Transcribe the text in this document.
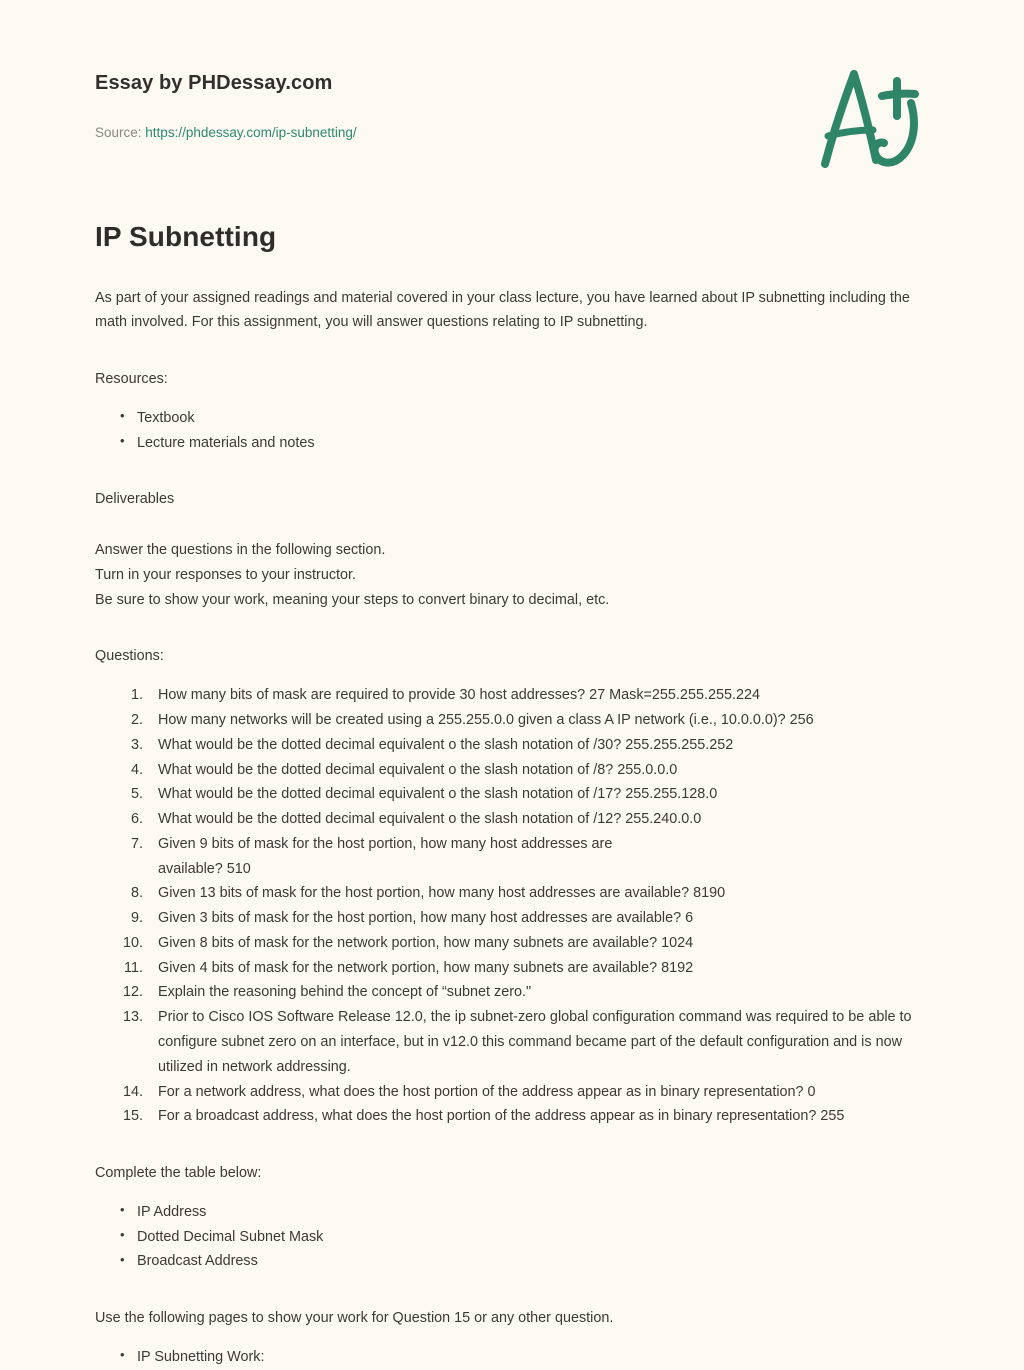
Essay by PHDessay.com
Source: https://phdessay.com/ip-subnetting/
IP Subnetting

As part of your assigned readings and material covered in your class lecture, you have learned about IP subnetting including the math involved. For this assignment, you will answer questions relating to IP subnetting.

Resources:

• Textbook
• Lecture materials and notes

Deliverables

Answer the questions in the following section.
Turn in your responses to your instructor.
Be sure to show your work, meaning your steps to convert binary to decimal, etc.

Questions:

How many bits of mask are required to provide 30 host addresses? 27 Mask=255.255.255.224
How many networks will be created using a 255.255.0.0 given a class A IP network (i.e., 10.0.0.0)? 256
What would be the dotted decimal equivalent o the slash notation of /30? 255.255.255.252
What would be the dotted decimal equivalent o the slash notation of /8? 255.0.0.0
What would be the dotted decimal equivalent o the slash notation of /17? 255.255.128.0
What would be the dotted decimal equivalent o the slash notation of /12? 255.240.0.0
Given 9 bits of mask for the host portion, how many host addresses are available? 510
Given 13 bits of mask for the host portion, how many host addresses are available? 8190
Given 3 bits of mask for the host portion, how many host addresses are available? 6
Given 8 bits of mask for the network portion, how many subnets are available? 1024
Given 4 bits of mask for the network portion, how many subnets are available? 8192
Explain the reasoning behind the concept of “subnet zero."
Prior to Cisco IOS Software Release 12.0, the ip subnet-zero global configuration command was required to be able to configure subnet zero on an interface, but in v12.0 this command became part of the default configuration and is now utilized in network addressing.
For a network address, what does the host portion of the address appear as in binary representation? 0
For a broadcast address, what does the host portion of the address appear as in binary representation? 255

Complete the table below:

• IP Address
• Dotted Decimal Subnet Mask
• Broadcast Address

Use the following pages to show your work for Question 15 or any other question.

• IP Subnetting Work:
